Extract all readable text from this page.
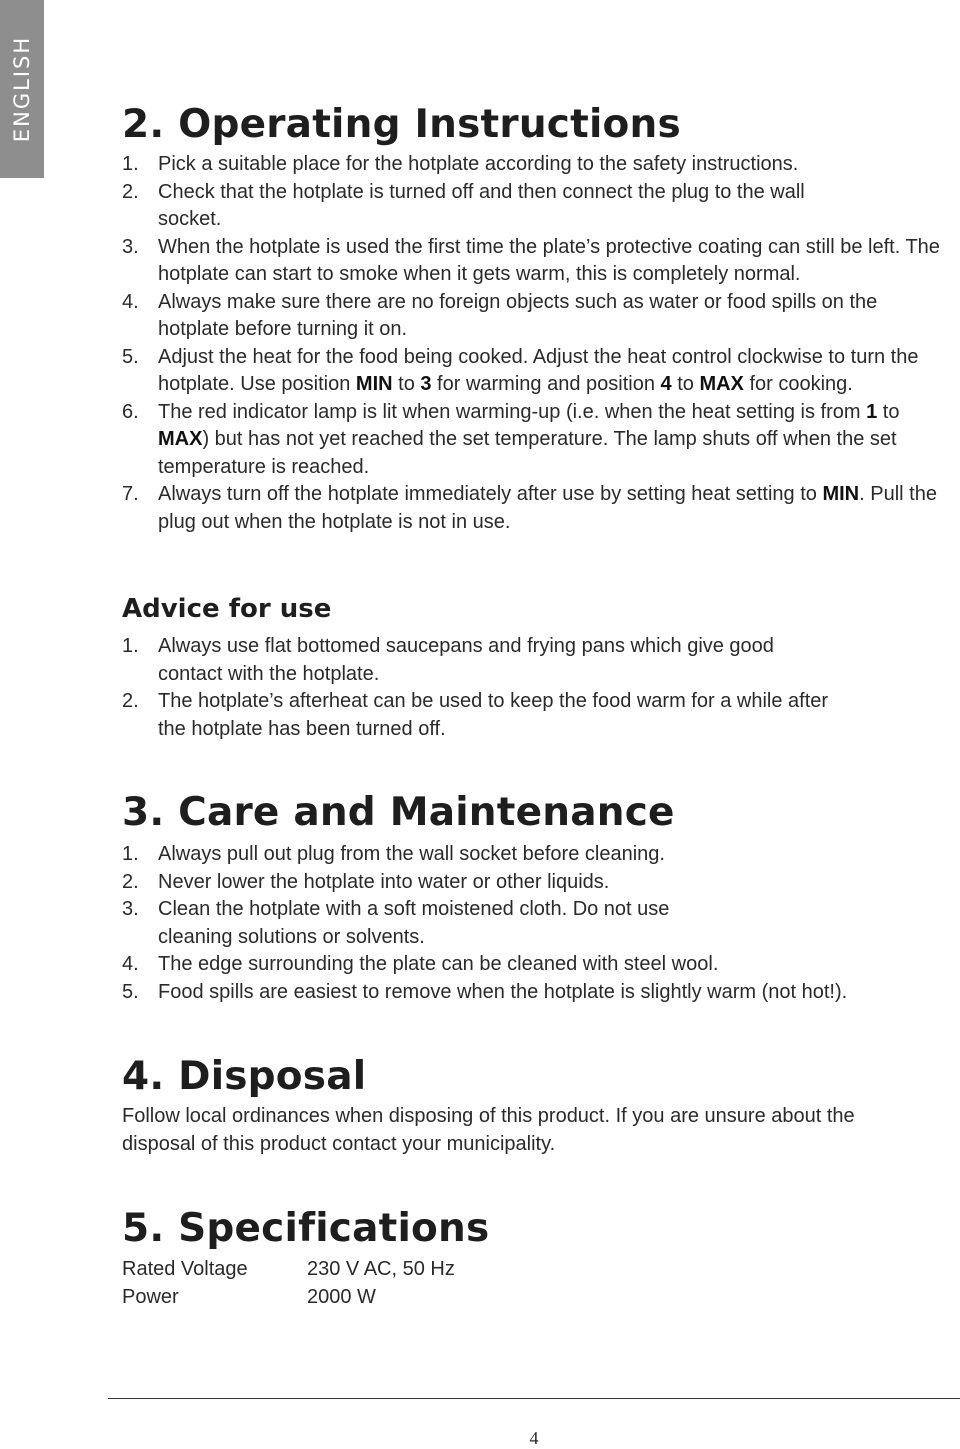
ENGLISH 2. Operating Instructions
1. Pick a suitable place for the hotplate according to the safety instructions.
2. Check that the hotplate is turned off and then connect the plug to the wall socket.
3. When the hotplate is used the first time the plate’s protective coating can still be left. The hotplate can start to smoke when it gets warm, this is completely normal.
4. Always make sure there are no foreign objects such as water or food spills on the hotplate before turning it on.
5. Adjust the heat for the food being cooked. Adjust the heat control clockwise to turn the hotplate. Use position MIN to 3 for warming and position 4 to MAX for cooking.
6. The red indicator lamp is lit when warming-up (i.e. when the heat setting is from 1 to MAX) but has not yet reached the set temperature. The lamp shuts off when the set temperature is reached.
7. Always turn off the hotplate immediately after use by setting heat setting to MIN. Pull the plug out when the hotplate is not in use.
Advice for use
1. Always use flat bottomed saucepans and frying pans which give good contact with the hotplate.
2. The hotplate’s afterheat can be used to keep the food warm for a while after the hotplate has been turned off.
3. Care and Maintenance
1. Always pull out plug from the wall socket before cleaning.
2. Never lower the hotplate into water or other liquids.
3. Clean the hotplate with a soft moistened cloth. Do not use cleaning solutions or solvents.
4. The edge surrounding the plate can be cleaned with steel wool.
5. Food spills are easiest to remove when the hotplate is slightly warm (not hot!).
4. Disposal

Follow local ordinances when disposing of this product. If you are unsure about the disposal of this product contact your municipality.

5. Specifications
Rated Voltage	230 V AC, 50 Hz
Power	2000 W
4
